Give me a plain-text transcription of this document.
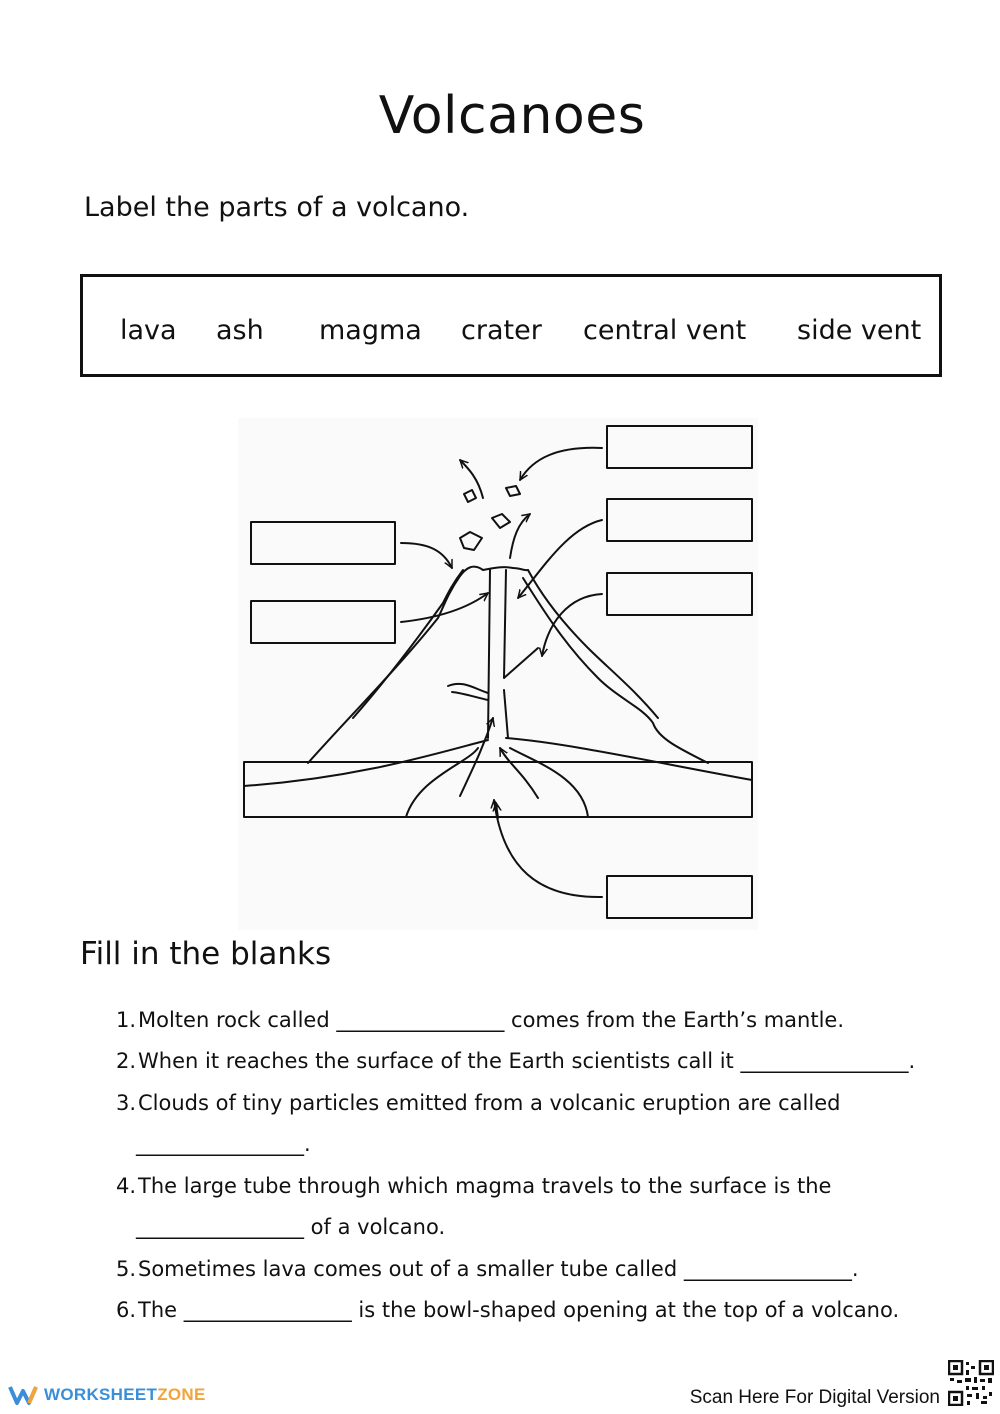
Volcanoes
Label the parts of a volcano.
lava ash magma crater central vent side vent
Fill in the blanks
1.Molten rock called ________________ comes from the Earth’s mantle.
2.When it reaches the surface of the Earth scientists call it ________________.
3.Clouds of tiny particles emitted from a volcanic eruption are called
________________.
4.The large tube through which magma travels to the surface is the
________________ of a volcano.
5.Sometimes lava comes out of a smaller tube called ________________.
6.The ________________ is the bowl-shaped opening at the top of a volcano.
WORKSHEET ZONE	Scan Here For Digital Version
